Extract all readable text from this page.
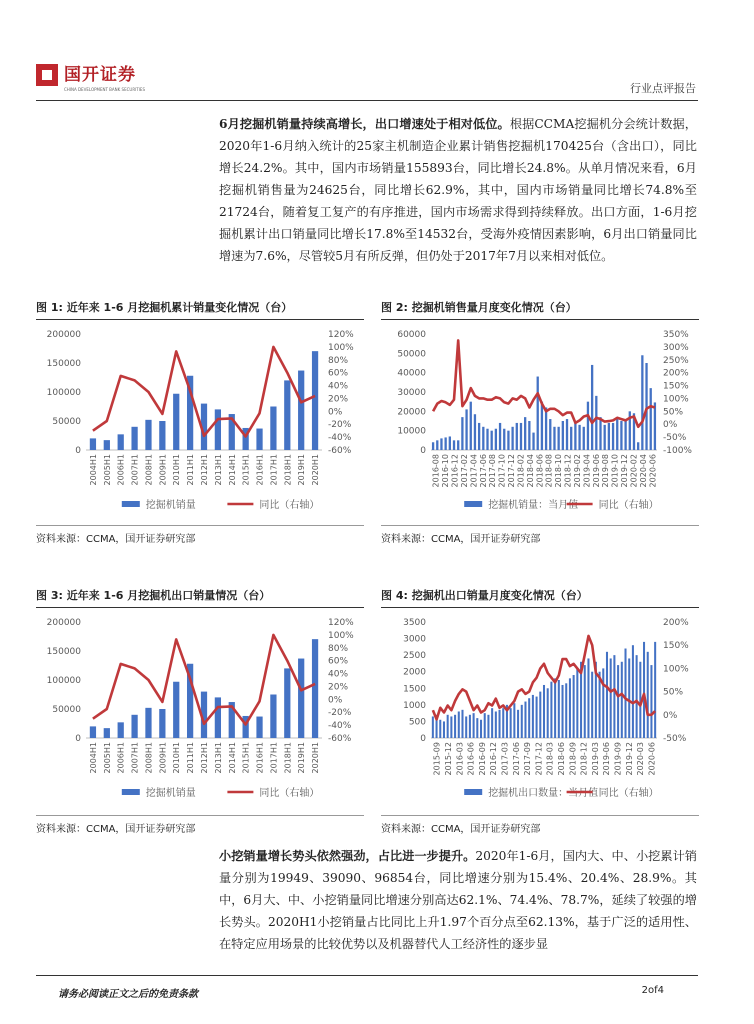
国开证券
CHINA DEVELOPMENT BANK SECURITIES	行业点评报告
6月挖掘机销量持续高增长，出口增速处于相对低位。根据CCMA挖掘机分会统计数据，2020年1-6月纳入统计的25家主机制造企业累计销售挖掘机170425台（含出口），同比增长24.2%。其中，国内市场销量155893台，同比增长24.8%。从单月情况来看，6月挖掘机销售量为24625台，同比增长62.9%，其中，国内市场销量同比增长74.8%至21724台，随着复工复产的有序推进，国内市场需求得到持续释放。出口方面，1-6月挖掘机累计出口销量同比增长17.8%至14532台，受海外疫情因素影响，6月出口销量同比增速为7.6%，尽管较5月有所反弹，但仍处于2017年7月以来相对低位。
图 1: 近年来 1-6 月挖掘机累计销量变化情况（台）	图 2: 挖掘机销售量月度变化情况（台）
0
50000
100000
150000
200000
-60%
-40%
-20%
0%
20%
40%
60%
80%
100%
120%
2004H1 2005H1 2006H1 2007H1 2008H1 2009H1 2010H1 2011H1 2012H1 2013H1 2014H1 2015H1 2016H1 2017H1 2018H1 2019H1 2020H1
挖掘机销量	同比（右轴）
0
10000
20000
30000
40000
50000
60000
-100%
-50%
0%
50%
100%
150%
200%
250%
300%
350%
2016-08 2016-10 2016-12 2017-02 2017-04 2017-06 2017-08 2017-10 2017-12 2018-02 2018-04 2018-06 2018-08 2018-10 2018-12 2019-02 2019-04 2019-06 2019-08 2019-10 2019-12 2020-02 2020-04 2020-06
挖掘机销量：当月值 同比（右轴）
资料来源：CCMA，国开证券研究部	资料来源：CCMA，国开证券研究部
图 3: 近年来 1-6 月挖掘机出口销量情况（台）	图 4: 挖掘机出口销量月度变化情况（台）
0
50000
100000
150000
200000
-60%
-40%
-20%
0%
20%
40%
60%
80%
100%
120%
2004H1 2005H1 2006H1 2007H1 2008H1 2009H1 2010H1 2011H1 2012H1 2013H1 2014H1 2015H1 2016H1 2017H1 2018H1 2019H1 2020H1
挖掘机销量	同比（右轴）
0
500
1000
1500
2000
2500
3000
3500
-50%
0%
50%
100%
150%
200%
2015-09 2015-12 2016-03 2016-06 2016-09 2016-12 2017-03 2017-06 2017-09 2017-12 2018-03 2018-06 2018-09 2018-12 2019-03 2019-06 2019-09 2019-12 2020-03 2020-06
挖掘机出口数量：当月值 同比（右轴）
资料来源：CCMA，国开证券研究部	资料来源：CCMA，国开证券研究部
小挖销量增长势头依然强劲，占比进一步提升。2020年1-6月，国内大、中、小挖累计销量分别为19949、39090、96854台，同比增速分别为15.4%、20.4%、28.9%。其中，6月大、中、小挖销量同比增速分别高达62.1%、74.4%、78.7%，延续了较强的增长势头。2020H1小挖销量占比同比上升1.97个百分点至62.13%，基于广泛的适用性、在特定应用场景的比较优势以及机器替代人工经济性的逐步显
请务必阅读正文之后的免责条款	2of4
